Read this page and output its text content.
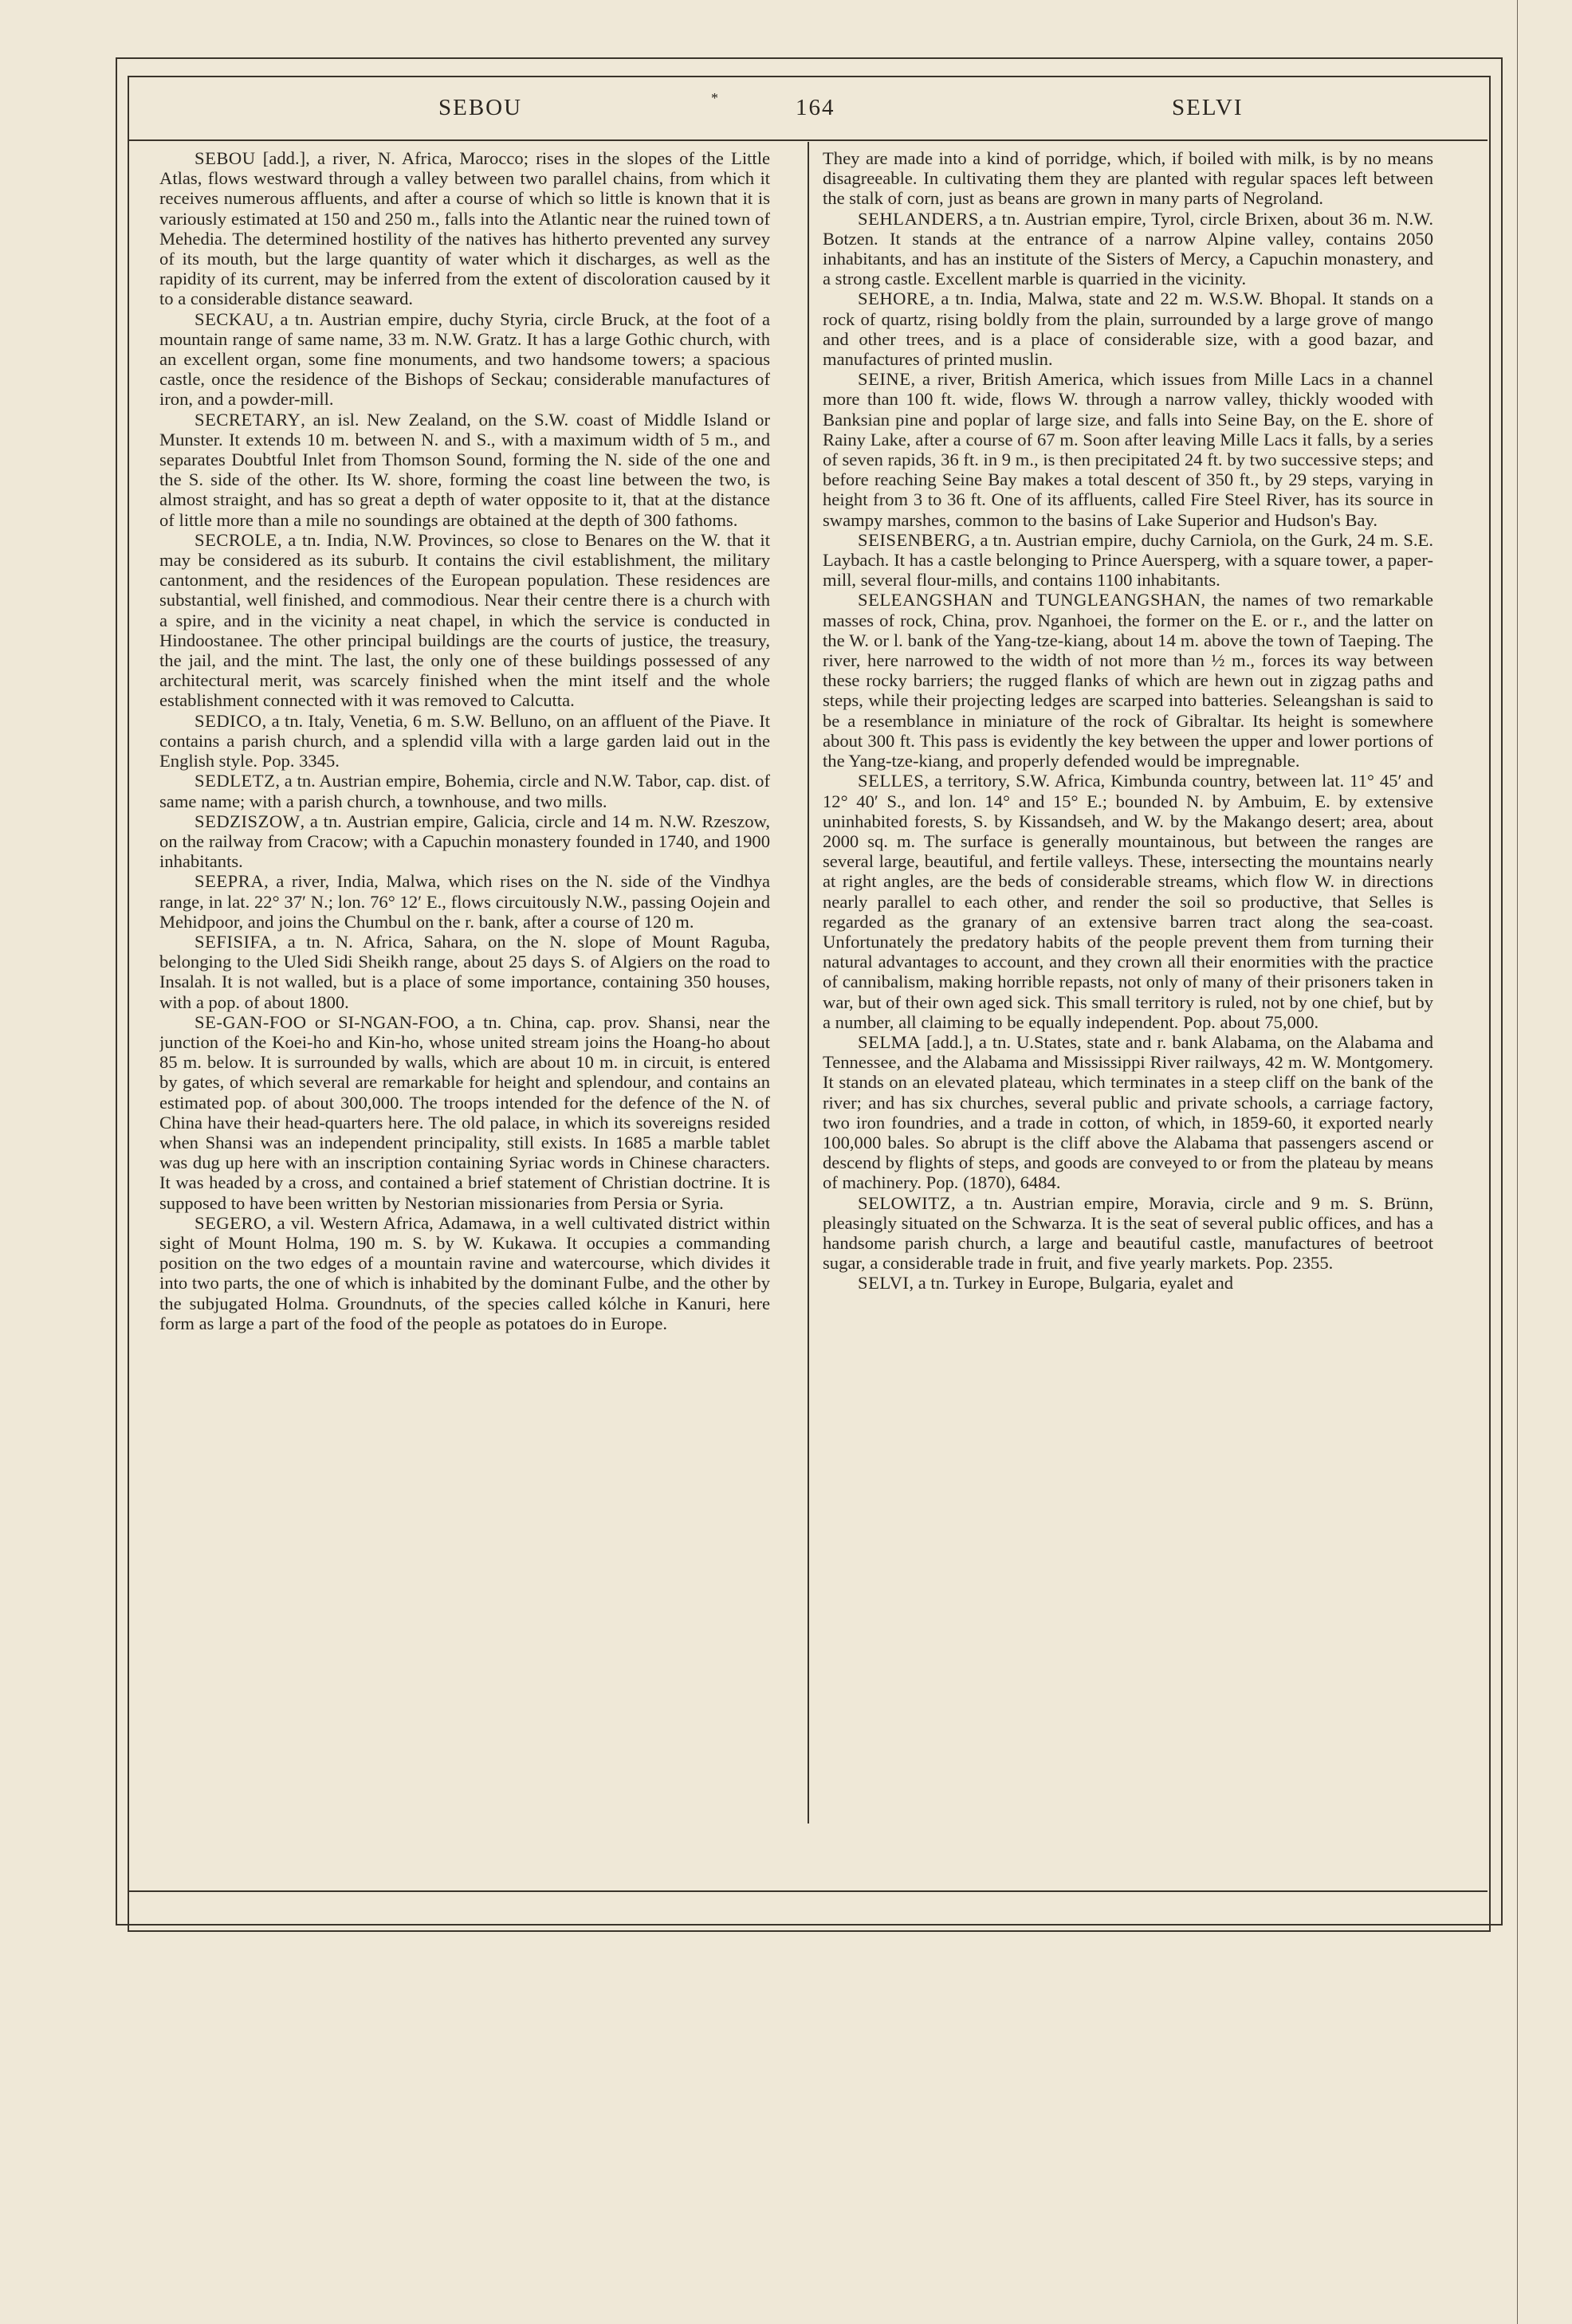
SEBOU	*	164	SELVI

SEBOU [add.], a river, N. Africa, Marocco; rises in the slopes of the Little Atlas, flows westward through a valley between two parallel chains, from which it receives numerous affluents, and after a course of which so little is known that it is variously estimated at 150 and 250 m., falls into the Atlantic near the ruined town of Mehedia. The determined hostility of the natives has hitherto prevented any survey of its mouth, but the large quantity of water which it discharges, as well as the rapidity of its current, may be inferred from the extent of discoloration caused by it to a considerable distance seaward.

SECKAU, a tn. Austrian empire, duchy Styria, circle Bruck, at the foot of a mountain range of same name, 33 m. N.W. Gratz. It has a large Gothic church, with an excellent organ, some fine monuments, and two handsome towers; a spacious castle, once the residence of the Bishops of Seckau; considerable manufactures of iron, and a powder-mill.

SECRETARY, an isl. New Zealand, on the S.W. coast of Middle Island or Munster. It extends 10 m. between N. and S., with a maximum width of 5 m., and separates Doubtful Inlet from Thomson Sound, forming the N. side of the one and the S. side of the other. Its W. shore, forming the coast line between the two, is almost straight, and has so great a depth of water opposite to it, that at the distance of little more than a mile no soundings are obtained at the depth of 300 fathoms.

SECROLE, a tn. India, N.W. Provinces, so close to Benares on the W. that it may be considered as its suburb. It contains the civil establishment, the military cantonment, and the residences of the European population. These residences are substantial, well finished, and commodious. Near their centre there is a church with a spire, and in the vicinity a neat chapel, in which the service is conducted in Hindoostanee. The other principal buildings are the courts of justice, the treasury, the jail, and the mint. The last, the only one of these buildings possessed of any architectural merit, was scarcely finished when the mint itself and the whole establishment connected with it was removed to Calcutta.

SEDICO, a tn. Italy, Venetia, 6 m. S.W. Belluno, on an affluent of the Piave. It contains a parish church, and a splendid villa with a large garden laid out in the English style. Pop. 3345.

SEDLETZ, a tn. Austrian empire, Bohemia, circle and N.W. Tabor, cap. dist. of same name; with a parish church, a townhouse, and two mills.

SEDZISZOW, a tn. Austrian empire, Galicia, circle and 14 m. N.W. Rzeszow, on the railway from Cracow; with a Capuchin monastery founded in 1740, and 1900 inhabitants.

SEEPRA, a river, India, Malwa, which rises on the N. side of the Vindhya range, in lat. 22° 37′ N.; lon. 76° 12′ E., flows circuitously N.W., passing Oojein and Mehidpoor, and joins the Chumbul on the r. bank, after a course of 120 m.

SEFISIFA, a tn. N. Africa, Sahara, on the N. slope of Mount Raguba, belonging to the Uled Sidi Sheikh range, about 25 days S. of Algiers on the road to Insalah. It is not walled, but is a place of some importance, containing 350 houses, with a pop. of about 1800.

SE-GAN-FOO or SI-NGAN-FOO, a tn. China, cap. prov. Shansi, near the junction of the Koei-ho and Kin-ho, whose united stream joins the Hoang-ho about 85 m. below. It is surrounded by walls, which are about 10 m. in circuit, is entered by gates, of which several are remarkable for height and splendour, and contains an estimated pop. of about 300,000. The troops intended for the defence of the N. of China have their head-quarters here. The old palace, in which its sovereigns resided when Shansi was an independent principality, still exists. In 1685 a marble tablet was dug up here with an inscription containing Syriac words in Chinese characters. It was headed by a cross, and contained a brief statement of Christian doctrine. It is supposed to have been written by Nestorian missionaries from Persia or Syria.

SEGERO, a vil. Western Africa, Adamawa, in a well cultivated district within sight of Mount Holma, 190 m. S. by W. Kukawa. It occupies a commanding position on the two edges of a mountain ravine and watercourse, which divides it into two parts, the one of which is inhabited by the dominant Fulbe, and the other by the subjugated Holma. Groundnuts, of the species called kólche in Kanuri, here form as large a part of the food of the people as potatoes do in Europe.

They are made into a kind of porridge, which, if boiled with milk, is by no means disagreeable. In cultivating them they are planted with regular spaces left between the stalk of corn, just as beans are grown in many parts of Negroland.

SEHLANDERS, a tn. Austrian empire, Tyrol, circle Brixen, about 36 m. N.W. Botzen. It stands at the entrance of a narrow Alpine valley, contains 2050 inhabitants, and has an institute of the Sisters of Mercy, a Capuchin monastery, and a strong castle. Excellent marble is quarried in the vicinity.

SEHORE, a tn. India, Malwa, state and 22 m. W.S.W. Bhopal. It stands on a rock of quartz, rising boldly from the plain, surrounded by a large grove of mango and other trees, and is a place of considerable size, with a good bazar, and manufactures of printed muslin.

SEINE, a river, British America, which issues from Mille Lacs in a channel more than 100 ft. wide, flows W. through a narrow valley, thickly wooded with Banksian pine and poplar of large size, and falls into Seine Bay, on the E. shore of Rainy Lake, after a course of 67 m. Soon after leaving Mille Lacs it falls, by a series of seven rapids, 36 ft. in 9 m., is then precipitated 24 ft. by two successive steps; and before reaching Seine Bay makes a total descent of 350 ft., by 29 steps, varying in height from 3 to 36 ft. One of its affluents, called Fire Steel River, has its source in swampy marshes, common to the basins of Lake Superior and Hudson's Bay.

SEISENBERG, a tn. Austrian empire, duchy Carniola, on the Gurk, 24 m. S.E. Laybach. It has a castle belonging to Prince Auersperg, with a square tower, a paper-mill, several flour-mills, and contains 1100 inhabitants.

SELEANGSHAN and TUNGLEANGSHAN, the names of two remarkable masses of rock, China, prov. Nganhoei, the former on the E. or r., and the latter on the W. or l. bank of the Yang-tze-kiang, about 14 m. above the town of Taeping. The river, here narrowed to the width of not more than ½ m., forces its way between these rocky barriers; the rugged flanks of which are hewn out in zigzag paths and steps, while their projecting ledges are scarped into batteries. Seleangshan is said to be a resemblance in miniature of the rock of Gibraltar. Its height is somewhere about 300 ft. This pass is evidently the key between the upper and lower portions of the Yang-tze-kiang, and properly defended would be impregnable.

SELLES, a territory, S.W. Africa, Kimbunda country, between lat. 11° 45′ and 12° 40′ S., and lon. 14° and 15° E.; bounded N. by Ambuim, E. by extensive uninhabited forests, S. by Kissandseh, and W. by the Makango desert; area, about 2000 sq. m. The surface is generally mountainous, but between the ranges are several large, beautiful, and fertile valleys. These, intersecting the mountains nearly at right angles, are the beds of considerable streams, which flow W. in directions nearly parallel to each other, and render the soil so productive, that Selles is regarded as the granary of an extensive barren tract along the sea-coast. Unfortunately the predatory habits of the people prevent them from turning their natural advantages to account, and they crown all their enormities with the practice of cannibalism, making horrible repasts, not only of many of their prisoners taken in war, but of their own aged sick. This small territory is ruled, not by one chief, but by a number, all claiming to be equally independent. Pop. about 75,000.

SELMA [add.], a tn. U.States, state and r. bank Alabama, on the Alabama and Tennessee, and the Alabama and Mississippi River railways, 42 m. W. Montgomery. It stands on an elevated plateau, which terminates in a steep cliff on the bank of the river; and has six churches, several public and private schools, a carriage factory, two iron foundries, and a trade in cotton, of which, in 1859-60, it exported nearly 100,000 bales. So abrupt is the cliff above the Alabama that passengers ascend or descend by flights of steps, and goods are conveyed to or from the plateau by means of machinery. Pop. (1870), 6484.

SELOWITZ, a tn. Austrian empire, Moravia, circle and 9 m. S. Brünn, pleasingly situated on the Schwarza. It is the seat of several public offices, and has a handsome parish church, a large and beautiful castle, manufactures of beetroot sugar, a considerable trade in fruit, and five yearly markets. Pop. 2355.

SELVI, a tn. Turkey in Europe, Bulgaria, eyalet and
